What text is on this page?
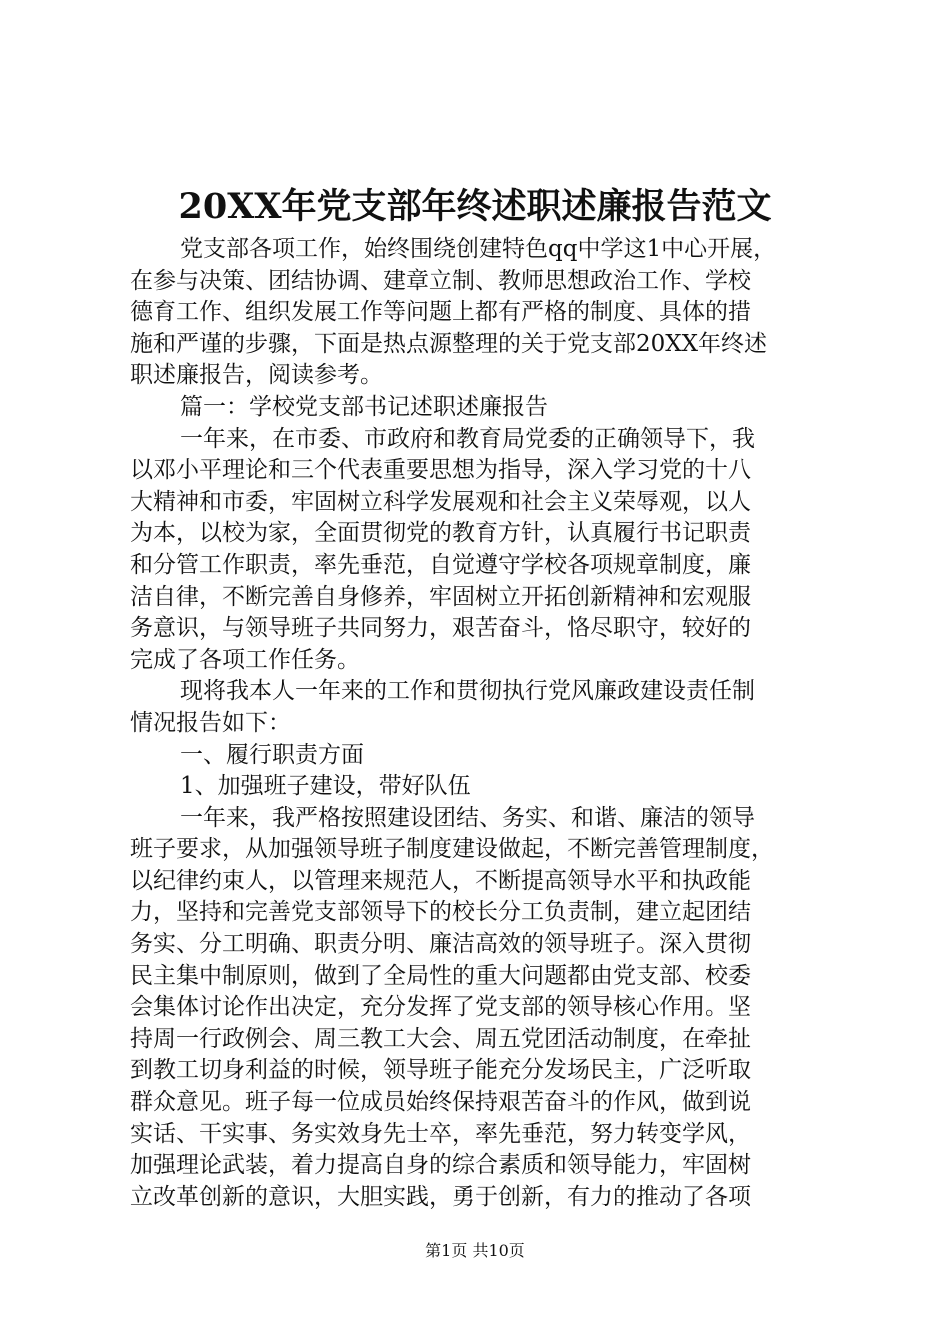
20XX年党支部年终述职述廉报告范文
党支部各项工作，始终围绕创建特色qq中学这1中心开展，
在参与决策、团结协调、建章立制、教师思想政治工作、学校
德育工作、组织发展工作等问题上都有严格的制度、具体的措
施和严谨的步骤，下面是热点源整理的关于党支部20XX年终述
职述廉报告，阅读参考。
篇一：学校党支部书记述职述廉报告
一年来，在市委、市政府和教育局党委的正确领导下，我
以邓小平理论和三个代表重要思想为指导，深入学习党的十八
大精神和市委，牢固树立科学发展观和社会主义荣辱观，以人
为本，以校为家，全面贯彻党的教育方针，认真履行书记职责
和分管工作职责，率先垂范，自觉遵守学校各项规章制度，廉
洁自律，不断完善自身修养，牢固树立开拓创新精神和宏观服
务意识，与领导班子共同努力，艰苦奋斗，恪尽职守，较好的
完成了各项工作任务。
现将我本人一年来的工作和贯彻执行党风廉政建设责任制
情况报告如下：
一、履行职责方面
1、加强班子建设，带好队伍
一年来，我严格按照建设团结、务实、和谐、廉洁的领导
班子要求，从加强领导班子制度建设做起，不断完善管理制度，
以纪律约束人，以管理来规范人，不断提高领导水平和执政能
力，坚持和完善党支部领导下的校长分工负责制，建立起团结
务实、分工明确、职责分明、廉洁高效的领导班子。深入贯彻
民主集中制原则，做到了全局性的重大问题都由党支部、校委
会集体讨论作出决定，充分发挥了党支部的领导核心作用。坚
持周一行政例会、周三教工大会、周五党团活动制度，在牵扯
到教工切身利益的时候，领导班子能充分发场民主，广泛听取
群众意见。班子每一位成员始终保持艰苦奋斗的作风，做到说
实话、干实事、务实效身先士卒，率先垂范，努力转变学风，
加强理论武装，着力提高自身的综合素质和领导能力，牢固树
立改革创新的意识，大胆实践，勇于创新，有力的推动了各项
第1页 共10页
